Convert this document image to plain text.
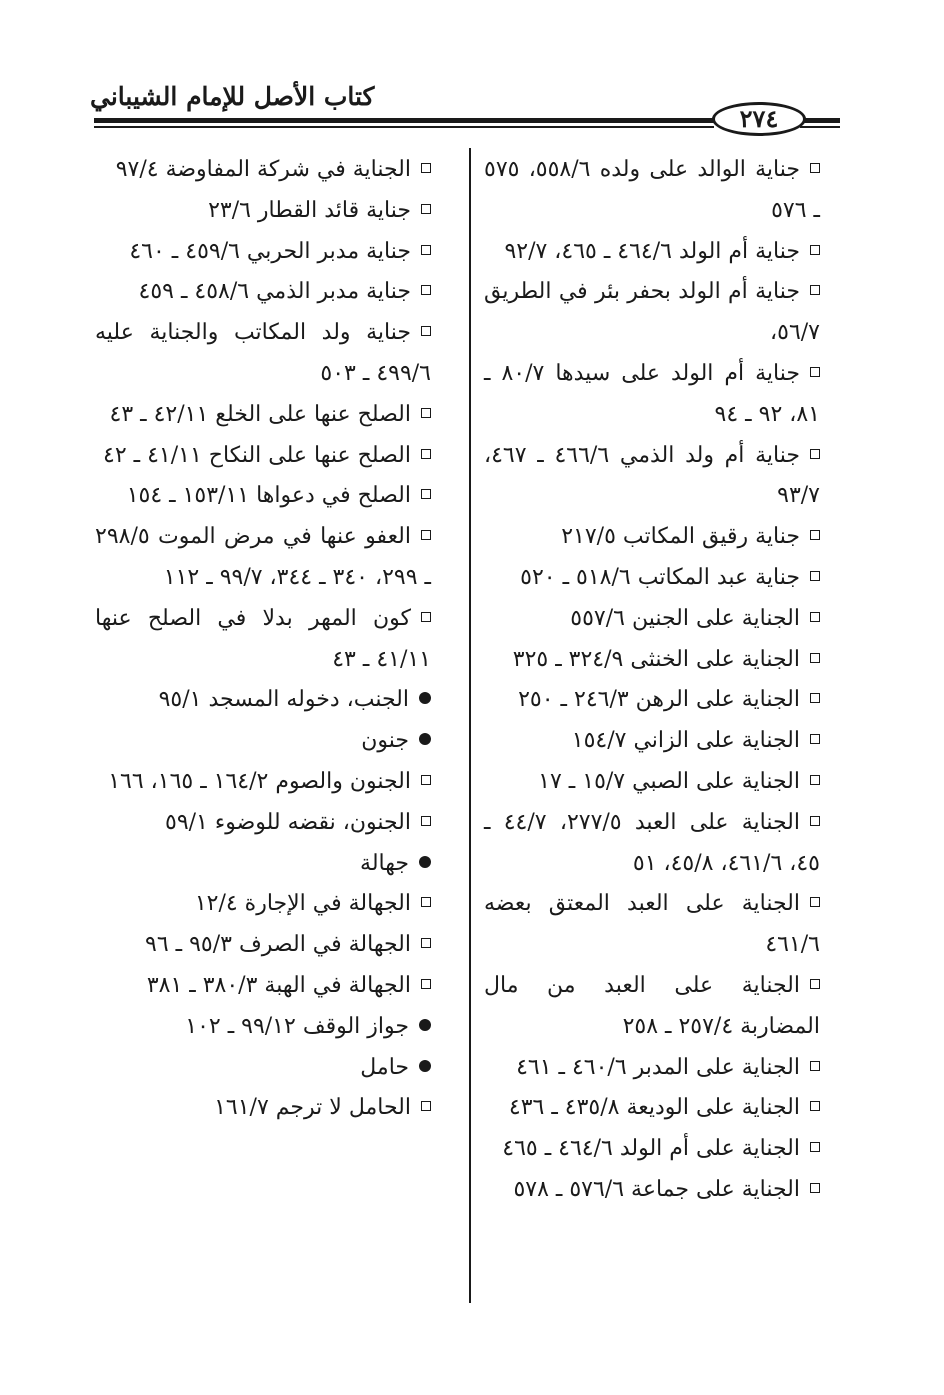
كتاب الأصل للإمام الشيباني
٢٧٤

جناية الوالد على ولده ٥٥٨/٦، ٥٧٥ ـ ٥٧٦

جناية أم الولد ٤٦٤/٦ ـ ٤٦٥، ٩٢/٧

جناية أم الولد بحفر بئر في الطريق ٥٦/٧،

جناية أم الولد على سيدها ٨٠/٧ ـ ٨١، ٩٢ ـ ٩٤

جناية أم ولد الذمي ٤٦٦/٦ ـ ٤٦٧، ٩٣/٧

جناية رقيق المكاتب ٢١٧/٥

جناية عبد المكاتب ٥١٨/٦ ـ ٥٢٠

الجناية على الجنين ٥٥٧/٦

الجناية على الخنثى ٣٢٤/٩ ـ ٣٢٥

الجناية على الرهن ٢٤٦/٣ ـ ٢٥٠

الجناية على الزاني ١٥٤/٧

الجناية على الصبي ١٥/٧ ـ ١٧

الجناية على العبد ٢٧٧/٥، ٤٤/٧ ـ ٤٥، ٤٦١/٦، ٤٥/٨، ٥١

الجناية على العبد المعتق بعضه ٤٦١/٦

الجناية على العبد من مال المضاربة ٢٥٧/٤ ـ ٢٥٨

الجناية على المدبر ٤٦٠/٦ ـ ٤٦١

الجناية على الوديعة ٤٣٥/٨ ـ ٤٣٦

الجناية على أم الولد ٤٦٤/٦ ـ ٤٦٥

الجناية على جماعة ٥٧٦/٦ ـ ٥٧٨

الجناية في شركة المفاوضة ٩٧/٤

جناية قائد القطار ٢٣/٦

جناية مدبر الحربي ٤٥٩/٦ ـ ٤٦٠

جناية مدبر الذمي ٤٥٨/٦ ـ ٤٥٩

جناية ولد المكاتب والجناية عليه ٤٩٩/٦ ـ ٥٠٣

الصلح عنها على الخلع ٤٢/١١ ـ ٤٣

الصلح عنها على النكاح ٤١/١١ ـ ٤٢

الصلح في دعواها ١٥٣/١١ ـ ١٥٤

العفو عنها في مرض الموت ٢٩٨/٥ ـ ٢٩٩، ٣٤٠ ـ ٣٤٤، ٩٩/٧ ـ ١١٢

كون المهر بدلا في الصلح عنها ٤١/١١ ـ ٤٣

الجنب، دخوله المسجد ٩٥/١

جنون

الجنون والصوم ١٦٤/٢ ـ ١٦٥، ١٦٦

الجنون، نقضه للوضوء ٥٩/١

جهالة

الجهالة في الإجارة ١٢/٤

الجهالة في الصرف ٩٥/٣ ـ ٩٦

الجهالة في الهبة ٣٨٠/٣ ـ ٣٨١

جواز الوقف ٩٩/١٢ ـ ١٠٢

حامل

الحامل لا ترجم ١٦١/٧
